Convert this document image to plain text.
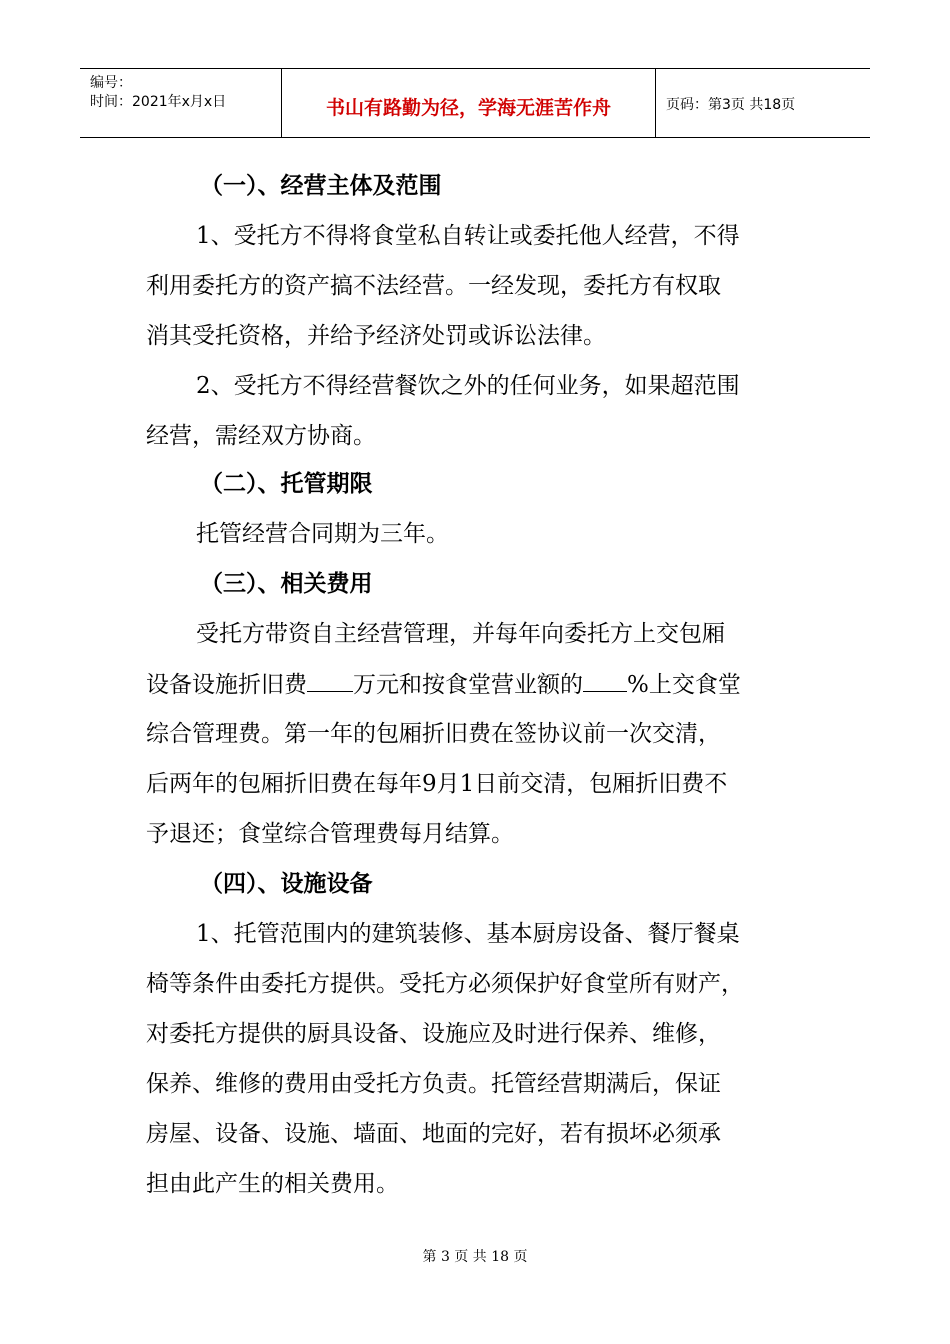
编号：
时间：2021年x月x日	书山有路勤为径，学海无涯苦作舟	页码：第3页 共18页
（一）、经营主体及范围
1、受托方不得将食堂私自转让或委托他人经营，不得
利用委托方的资产搞不法经营。一经发现，委托方有权取
消其受托资格，并给予经济处罚或诉讼法律。
2、受托方不得经营餐饮之外的任何业务，如果超范围
经营，需经双方协商。
（二）、托管期限
托管经营合同期为三年。
（三）、相关费用
受托方带资自主经营管理，并每年向委托方上交包厢
设备设施折旧费 万元和按食堂营业额的 %上交食堂
综合管理费。第一年的包厢折旧费在签协议前一次交清，
后两年的包厢折旧费在每年9月1日前交清，包厢折旧费不
予退还；食堂综合管理费每月结算。
（四）、设施设备
1、托管范围内的建筑装修、基本厨房设备、餐厅餐桌
椅等条件由委托方提供。受托方必须保护好食堂所有财产，
对委托方提供的厨具设备、设施应及时进行保养、维修，
保养、维修的费用由受托方负责。托管经营期满后，保证
房屋、设备、设施、墙面、地面的完好，若有损坏必须承
担由此产生的相关费用。
第 3 页 共 18 页
